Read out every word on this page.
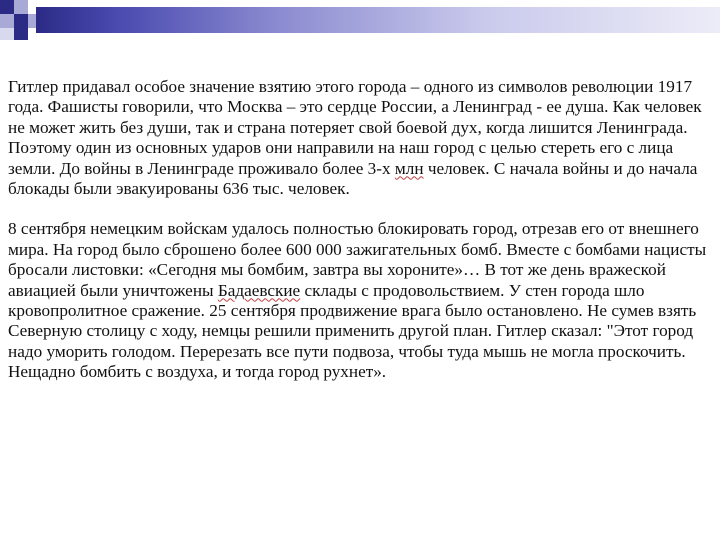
Гитлер придавал особое значение взятию этого города – одного из символов революции 1917 года. Фашисты говорили, что Москва – это сердце России, а Ленинград - ее душа. Как человек не может жить без души, так и страна потеряет свой боевой дух, когда лишится Ленинграда. Поэтому один из основных ударов они направили на наш город с целью стереть его с лица земли. До войны в Ленинграде проживало более 3-х млн человек. С начала войны и до начала блокады были эвакуированы 636 тыс. человек.

8 сентября немецким войскам удалось полностью блокировать город, отрезав его от внешнего мира. На город было сброшено более 600 000 зажигательных бомб. Вместе с бомбами нацисты бросали листовки: «Сегодня мы бомбим, завтра вы хороните»… В тот же день вражеской авиацией были уничтожены Бадаевские склады с продовольствием. У стен города шло кровопролитное сражение. 25 сентября продвижение врага было остановлено. Не сумев взять Северную столицу с ходу, немцы решили применить другой план. Гитлер сказал: "Этот город надо уморить голодом. Перерезать все пути подвоза, чтобы туда мышь не могла проскочить. Нещадно бомбить с воздуха, и тогда город рухнет».
